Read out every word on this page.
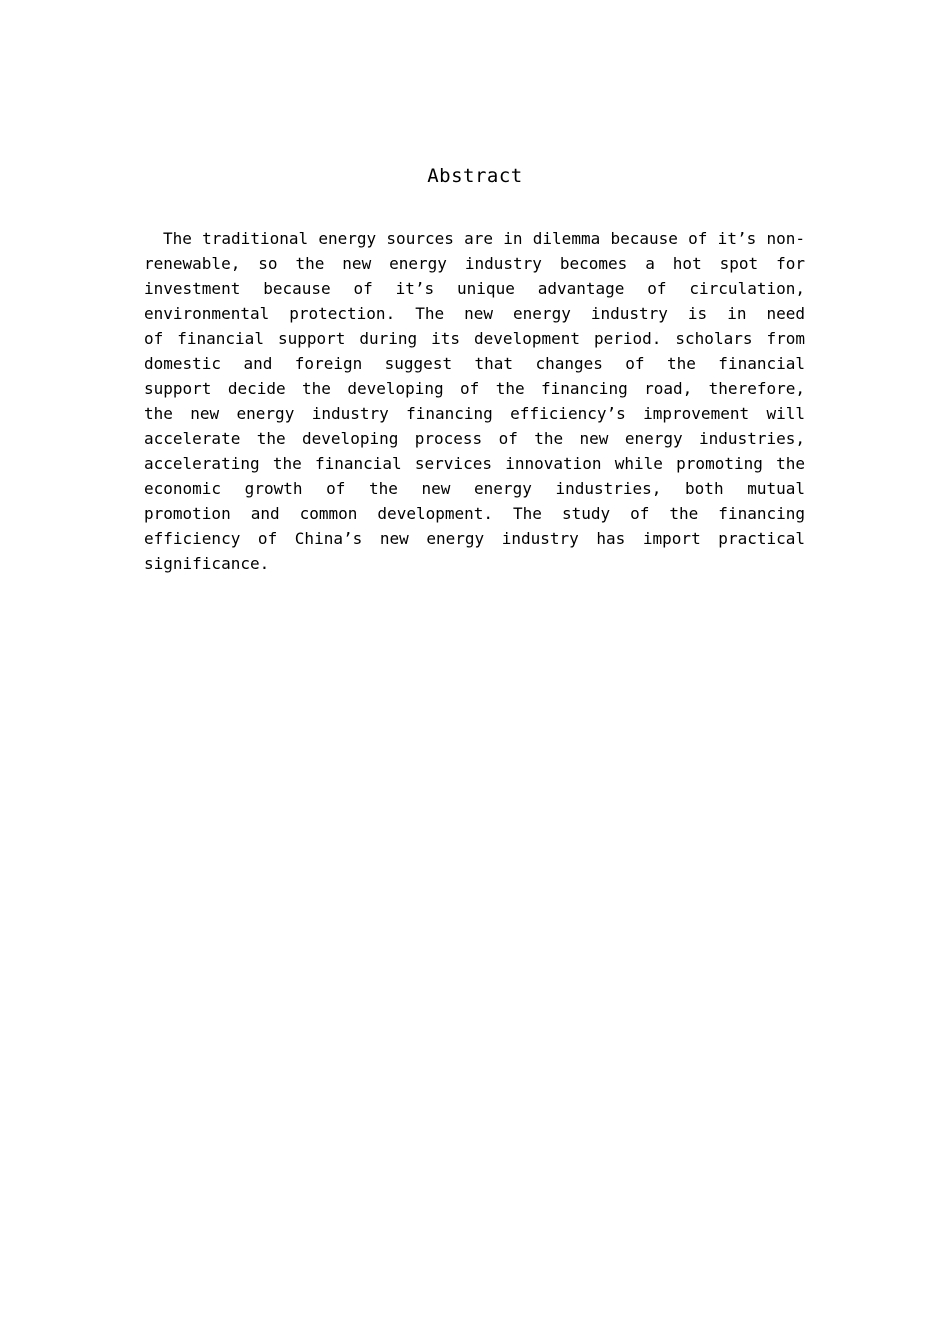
Abstract
The traditional energy sources are in dilemma because of it’s non-
renewable, so the new energy industry becomes a hot spot for
investment because of it’s unique advantage of circulation,
environmental protection. The new energy industry is in need
of financial support during its development period. scholars from
domestic and foreign suggest that changes of the financial
support decide the developing of the financing road, therefore,
the new energy industry financing efficiency’s improvement will
accelerate the developing process of the new energy industries,
accelerating the financial services innovation while promoting the
economic growth of the new energy industries, both mutual
promotion and common development. The study of the financing
efficiency of China’s new energy industry has import practical
significance.
